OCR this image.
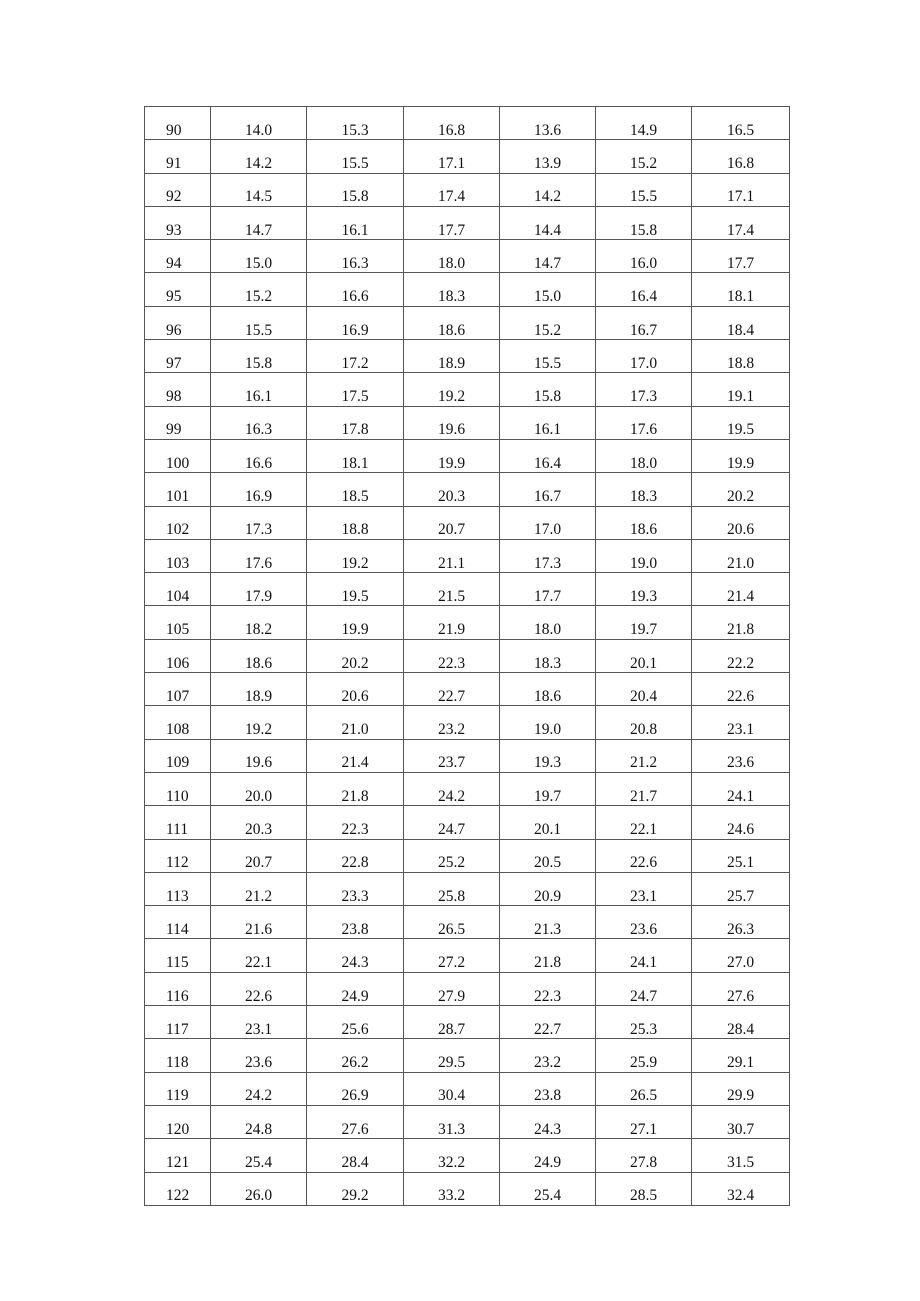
90	14.0	15.3	16.8	13.6	14.9	16.5
91	14.2	15.5	17.1	13.9	15.2	16.8
92	14.5	15.8	17.4	14.2	15.5	17.1
93	14.7	16.1	17.7	14.4	15.8	17.4
94	15.0	16.3	18.0	14.7	16.0	17.7
95	15.2	16.6	18.3	15.0	16.4	18.1
96	15.5	16.9	18.6	15.2	16.7	18.4
97	15.8	17.2	18.9	15.5	17.0	18.8
98	16.1	17.5	19.2	15.8	17.3	19.1
99	16.3	17.8	19.6	16.1	17.6	19.5
100	16.6	18.1	19.9	16.4	18.0	19.9
101	16.9	18.5	20.3	16.7	18.3	20.2
102	17.3	18.8	20.7	17.0	18.6	20.6
103	17.6	19.2	21.1	17.3	19.0	21.0
104	17.9	19.5	21.5	17.7	19.3	21.4
105	18.2	19.9	21.9	18.0	19.7	21.8
106	18.6	20.2	22.3	18.3	20.1	22.2
107	18.9	20.6	22.7	18.6	20.4	22.6
108	19.2	21.0	23.2	19.0	20.8	23.1
109	19.6	21.4	23.7	19.3	21.2	23.6
110	20.0	21.8	24.2	19.7	21.7	24.1
111	20.3	22.3	24.7	20.1	22.1	24.6
112	20.7	22.8	25.2	20.5	22.6	25.1
113	21.2	23.3	25.8	20.9	23.1	25.7
114	21.6	23.8	26.5	21.3	23.6	26.3
115	22.1	24.3	27.2	21.8	24.1	27.0
116	22.6	24.9	27.9	22.3	24.7	27.6
117	23.1	25.6	28.7	22.7	25.3	28.4
118	23.6	26.2	29.5	23.2	25.9	29.1
119	24.2	26.9	30.4	23.8	26.5	29.9
120	24.8	27.6	31.3	24.3	27.1	30.7
121	25.4	28.4	32.2	24.9	27.8	31.5
122	26.0	29.2	33.2	25.4	28.5	32.4
